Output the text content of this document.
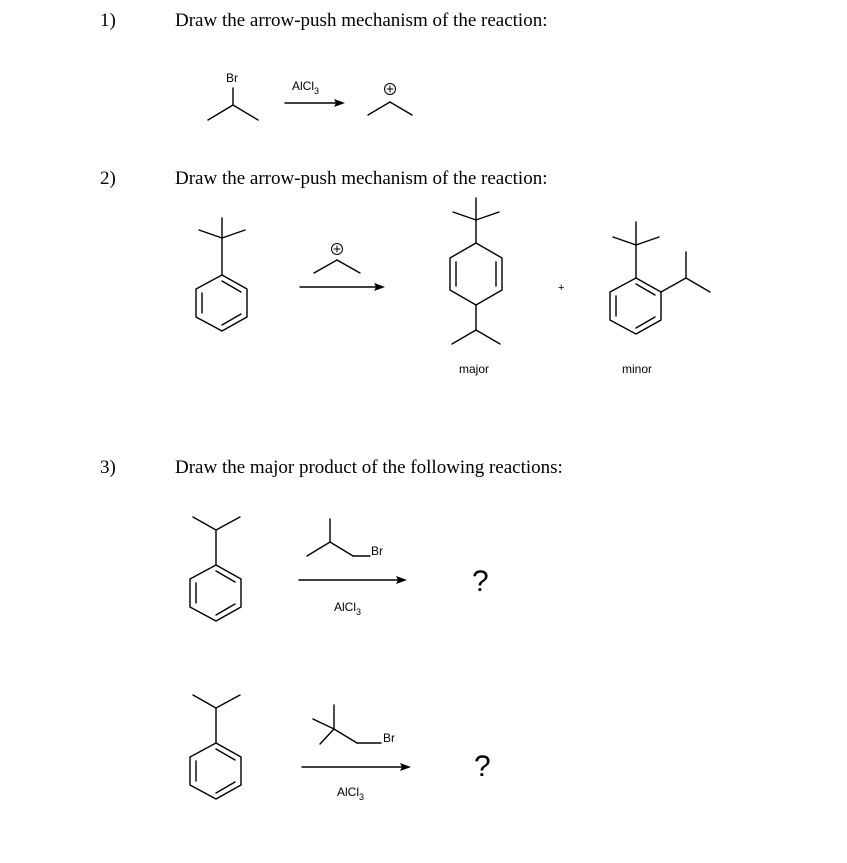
1)	Draw the arrow-push mechanism of the reaction:
2)	Draw the arrow-push mechanism of the reaction:
3)	Draw the major product of the following reactions:
Br
AlCl$_3$
major
+
minor
Br
AlCl$_3$
?
Br
AlCl$_3$
?
